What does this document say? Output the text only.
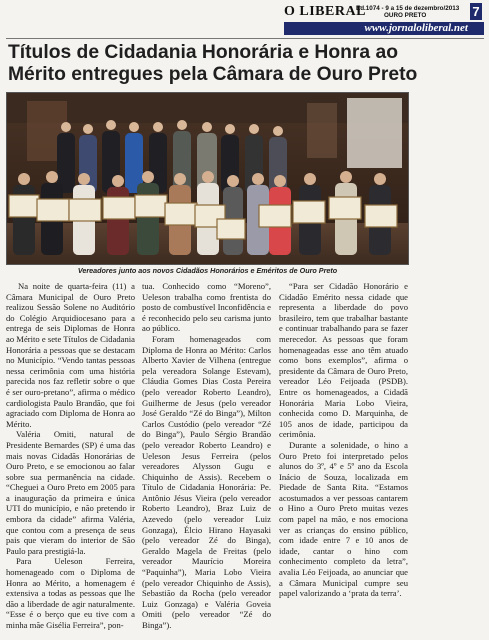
O LIBERAL
Ed.1074 - 9 a 15 de dezembro/2013
OURO PRETO	7
www.jornaloliberal.net
Títulos de Cidadania Honorária e Honra ao
Mérito entregues pela Câmara de Ouro Preto
Vereadores junto aos novos Cidadãos Honorários e Eméritos de Ouro Preto

Na noite de quarta-feira (11) a Câmara Municipal de Ouro Preto realizou Sessão Solene no Auditório do Colégio Arquidiocesano para a entrega de seis Diplomas de Honra ao Mérito e sete Títulos de Cidadania Honorária a pessoas que se destacam no Município. “Vendo tantas pessoas nessa cerimônia com uma história parecida nos faz refletir sobre o que é ser ouro-pretano”, afirma o médico cardiologista Paulo Brandão, que foi agraciado com Diploma de Honra ao Mérito.

Valéria Omiti, natural de Presidente Bernardes (SP) é uma das mais novas Cidadãs Honorárias de Ouro Preto, e se emocionou ao falar sobre sua permanência na cidade. “Cheguei a Ouro Preto em 2005 para a inauguração da primeira e única UTI do município, e não pretendo ir embora da cidade” afirma Valéria, que contou com a presença de seus pais que vieram do interior de São Paulo para prestigiá-la.

Para Ueleson Ferreira, homenageado com o Diploma de Honra ao Mérito, a homenagem é extensiva a todas as pessoas que lhe dão a liberdade de agir naturalmente. “Esse é o berço que eu tive com a minha mãe Gisélia Ferreira”, pon-

tua. Conhecido como “Moreno”, Ueleson trabalha como frentista do posto de combustível Inconfidência e é reconhecido pelo seu carisma junto ao público.

Foram homenageados com Diploma de Honra ao Mérito: Carlos Alberto Xavier de Vilhena (entregue pela vereadora Solange Estevam), Cláudia Gomes Dias Costa Pereira (pelo vereador Roberto Leandro), Guilherme de Jesus (pelo vereador José Geraldo “Zé do Binga”), Milton Carlos Custódio (pelo vereador “Zé do Binga”), Paulo Sérgio Brandão (pelo vereador Roberto Leandro) e Ueleson Jesus Ferreira (pelos vereadores Alysson Gugu e Chiquinho de Assis). Recebem o Título de Cidadania Honorária: Pe. Antônio Jésus Vieira (pelo vereador Roberto Leandro), Braz Luiz de Azevedo (pelo vereador Luiz Gonzaga), Élcio Hirano Hayasaki (pelo vereador Zé do Binga), Geraldo Magela de Freitas (pelo vereador Maurício Moreira “Paquinha”), Maria Lobo Vieira (pelo vereador Chiquinho de Assis), Sebastião da Rocha (pelo vereador Luiz Gonzaga) e Valéria Goveia Omiti (pelo vereador “Zé do Binga”).

“Para ser Cidadão Honorário e Cidadão Emérito nessa cidade que representa a liberdade do povo brasileiro, tem que trabalhar bastante e continuar trabalhando para se fazer merecedor. As pessoas que foram homenageadas esse ano têm atuado como bons exemplos”, afirma o presidente da Câmara de Ouro Preto, vereador Léo Feijoada (PSDB). Entre os homenageados, a Cidadã Honorária Maria Lobo Vieira, conhecida como D. Marquinha, de 105 anos de idade, participou da cerimônia.

Durante a solenidade, o hino a Ouro Preto foi interpretado pelos alunos do 3º, 4º e 5º ano da Escola Inácio de Souza, localizada em Piedade de Santa Rita. “Estamos acostumados a ver pessoas cantarem o Hino a Ouro Preto muitas vezes com papel na mão, e nos emociona ver as crianças do ensino público, com idade entre 7 e 10 anos de idade, cantar o hino com conhecimento completo da letra”, avalia Léo Feijoada, ao anunciar que a Câmara Municipal cumpre seu papel valorizando a ‘prata da terra’.
